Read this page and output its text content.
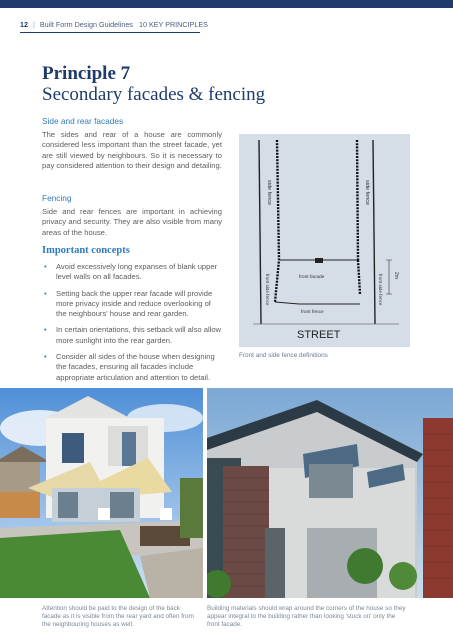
12 | Built Form Design Guidelines 10 KEY PRINCIPLES
Principle 7
Secondary facades & fencing
Side and rear facades

The sides and rear of a house are commonly considered less important than the street facade, yet are still viewed by neighbours. So it is necessary to pay considered attention to their design and detailing.

Fencing

Side and rear fences are important in achieving privacy and security. They are also visible from many areas of the house.

Important concepts
• Avoid excessively long expanses of blank upper level walls on all facades.
• Setting back the upper rear facade will provide more privacy inside and reduce overlooking of the neighbours' house and rear garden.
• In certain orientations, this setback will also allow more sunlight into the rear garden.
• Consider all sides of the house when designing the facades, ensuring all facades include appropriate articulation and attention to detail.
side fence	side fence
front side fence	front facade
front fence
front side fence 2m
STREET
Front and side fence definitions
Attention should be paid to the design of the back facade as it is visible from the rear yard and often from the neighbouring houses as well.
Building materials should wrap around the corners of the house so they appear integral to the building rather than looking 'stuck on' only the front facade.
